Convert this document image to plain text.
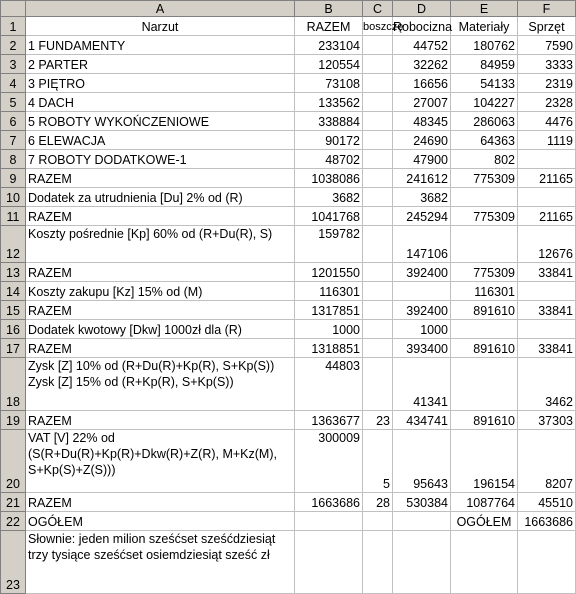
	A	B	C	D	E	F
1	Narzut	RAZEM	boszczę	Robocizna	Materiały	Sprzęt
2	1 FUNDAMENTY	233104		44752	180762	7590
3	2 PARTER	120554		32262	84959	3333
4	3 PIĘTRO	73108		16656	54133	2319
5	4 DACH	133562		27007	104227	2328
6	5 ROBOTY WYKOŃCZENIOWE	338884		48345	286063	4476
7	6 ELEWACJA	90172		24690	64363	1119
8	7 ROBOTY DODATKOWE-1	48702		47900	802	
9	RAZEM	1038086		241612	775309	21165
10	Dodatek za utrudnienia [Du] 2% od (R)	3682		3682		
11	RAZEM	1041768		245294	775309	21165
12	Koszty pośrednie [Kp] 60% od (R+Du(R), S)	159782		147106		12676
13	RAZEM	1201550		392400	775309	33841
14	Koszty zakupu [Kz] 15% od (M)	116301			116301	
15	RAZEM	1317851		392400	891610	33841
16	Dodatek kwotowy [Dkw] 1000zł dla (R)	1000		1000		
17	RAZEM	1318851		393400	891610	33841
18	Zysk [Z] 10% od (R+Du(R)+Kp(R), S+Kp(S))
Zysk [Z] 15% od (R+Kp(R), S+Kp(S))	44803		41341		3462
19	RAZEM	1363677	23	434741	891610	37303
20	VAT [V] 22% od
(S(R+Du(R)+Kp(R)+Dkw(R)+Z(R), M+Kz(M),
S+Kp(S)+Z(S)))	300009	5	95643	196154	8207
21	RAZEM	1663686	28	530384	1087764	45510
22	OGÓŁEM				OGÓŁEM	1663686
23	Słownie: jeden milion sześćset sześćdziesiąt
trzy tysiące sześćset osiemdziesiąt sześć zł					
